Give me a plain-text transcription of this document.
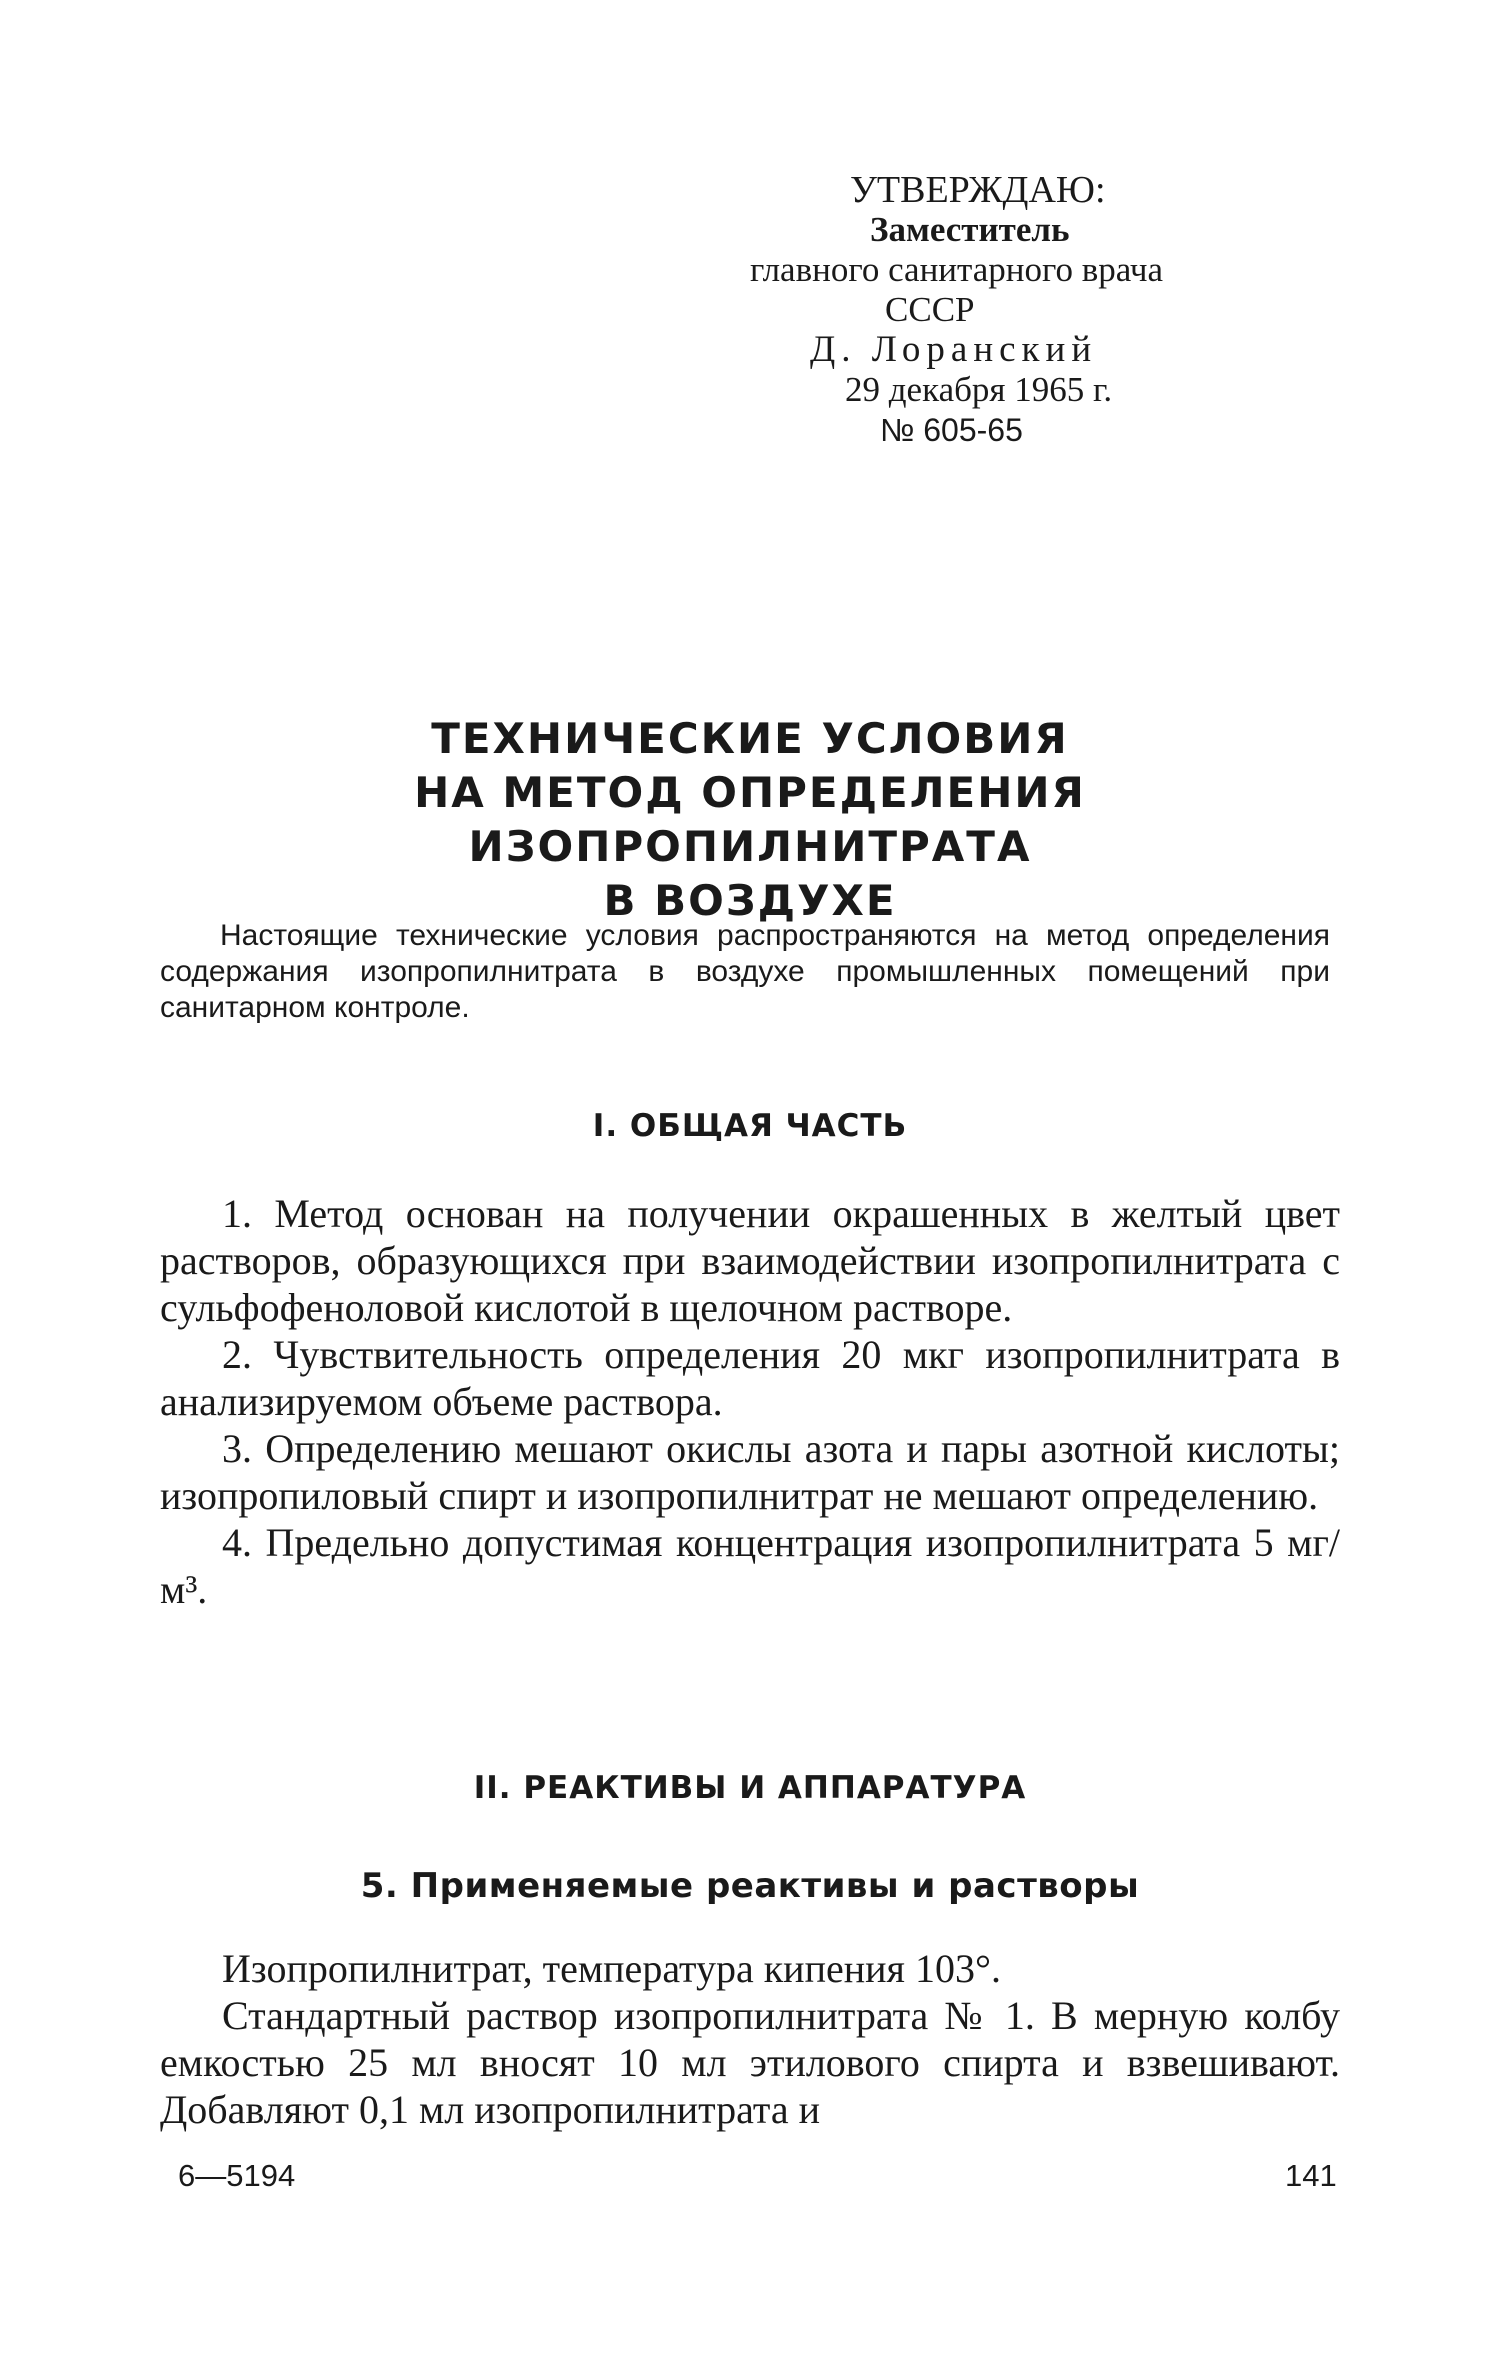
УТВЕРЖДАЮ:
Заместитель
главного санитарного врача
СССР
Д. Лоранский
29 декабря 1965 г.
№ 605-65
ТЕХНИЧЕСКИЕ УСЛОВИЯ
НА МЕТОД ОПРЕДЕЛЕНИЯ ИЗОПРОПИЛНИТРАТА
В ВОЗДУХЕ

Настоящие технические условия распространяются на метод определения содержания изопропилнитрата в воздухе промышленных помещений при санитарном контроле.

I. ОБЩАЯ ЧАСТЬ

1. Метод основан на получении окрашенных в желтый цвет растворов, образующихся при взаимодействии изопропилнитрата с сульфофеноловой кислотой в щелочном растворе.

2. Чувствительность определения 20 мкг изопропилнитрата в анализируемом объеме раствора.

3. Определению мешают окислы азота и пары азотной кислоты; изопропиловый спирт и изопропилнитрат не мешают определению.

4. Предельно допустимая концентрация изопропилнитрата 5 мг/м³.

II. РЕАКТИВЫ И АППАРАТУРА
5. Применяемые реактивы и растворы

Изопропилнитрат, температура кипения 103°.

Стандартный раствор изопропилнитрата № 1. В мерную колбу емкостью 25 мл вносят 10 мл этилового спирта и взвешивают. Добавляют 0,1 мл изопропилнитрата и

6—5194	141
